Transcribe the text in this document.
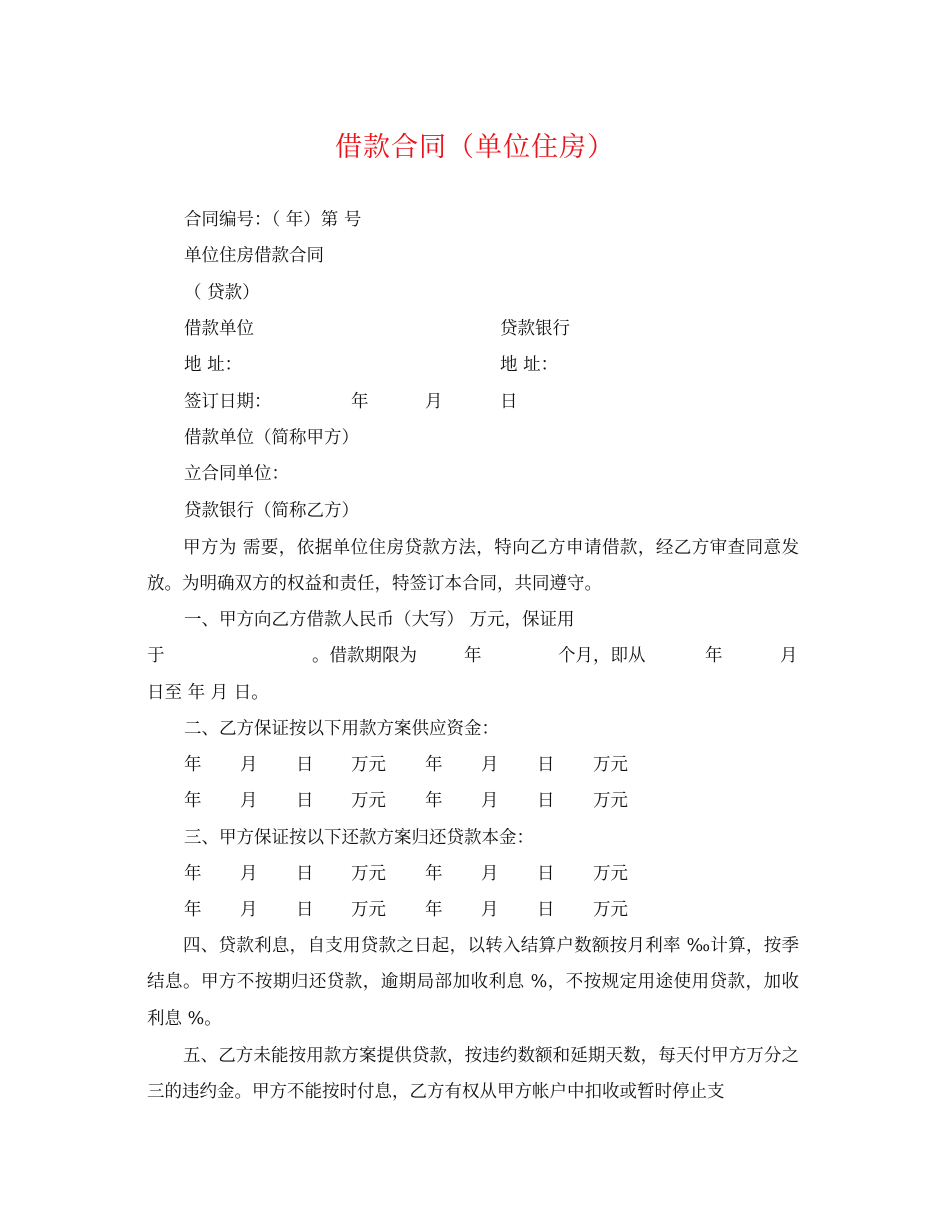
借款合同（单位住房）
合同编号：（ 年）第 号
单位住房借款合同
（ 贷款）
借款单位	贷款银行
地 址：	地 址：
签订日期：	年	月	日
借款单位（简称甲方）
立合同单位：
贷款银行（简称乙方）
甲方为 需要，依据单位住房贷款方法，特向乙方申请借款，经乙方审查同意发放。为明确双方的权益和责任，特签订本合同，共同遵守。
一、甲方向乙方借款人民币（大写） 万元，保证用
于	。借款期限为	年	个月，即从	年	月
日至 年 月 日。
二、乙方保证按以下用款方案供应资金：
年 月 日 万元 年 月 日 万元
年 月 日 万元 年 月 日 万元
三、甲方保证按以下还款方案归还贷款本金：
年 月 日 万元 年 月 日 万元
年 月 日 万元 年 月 日 万元
四、贷款利息，自支用贷款之日起，以转入结算户数额按月利率 ‰计算，按季结息。甲方不按期归还贷款，逾期局部加收利息 %，不按规定用途使用贷款，加收利息 %。
五、乙方未能按用款方案提供贷款，按违约数额和延期天数，每天付甲方万分之三的违约金。甲方不能按时付息，乙方有权从甲方帐户中扣收或暂时停止支
